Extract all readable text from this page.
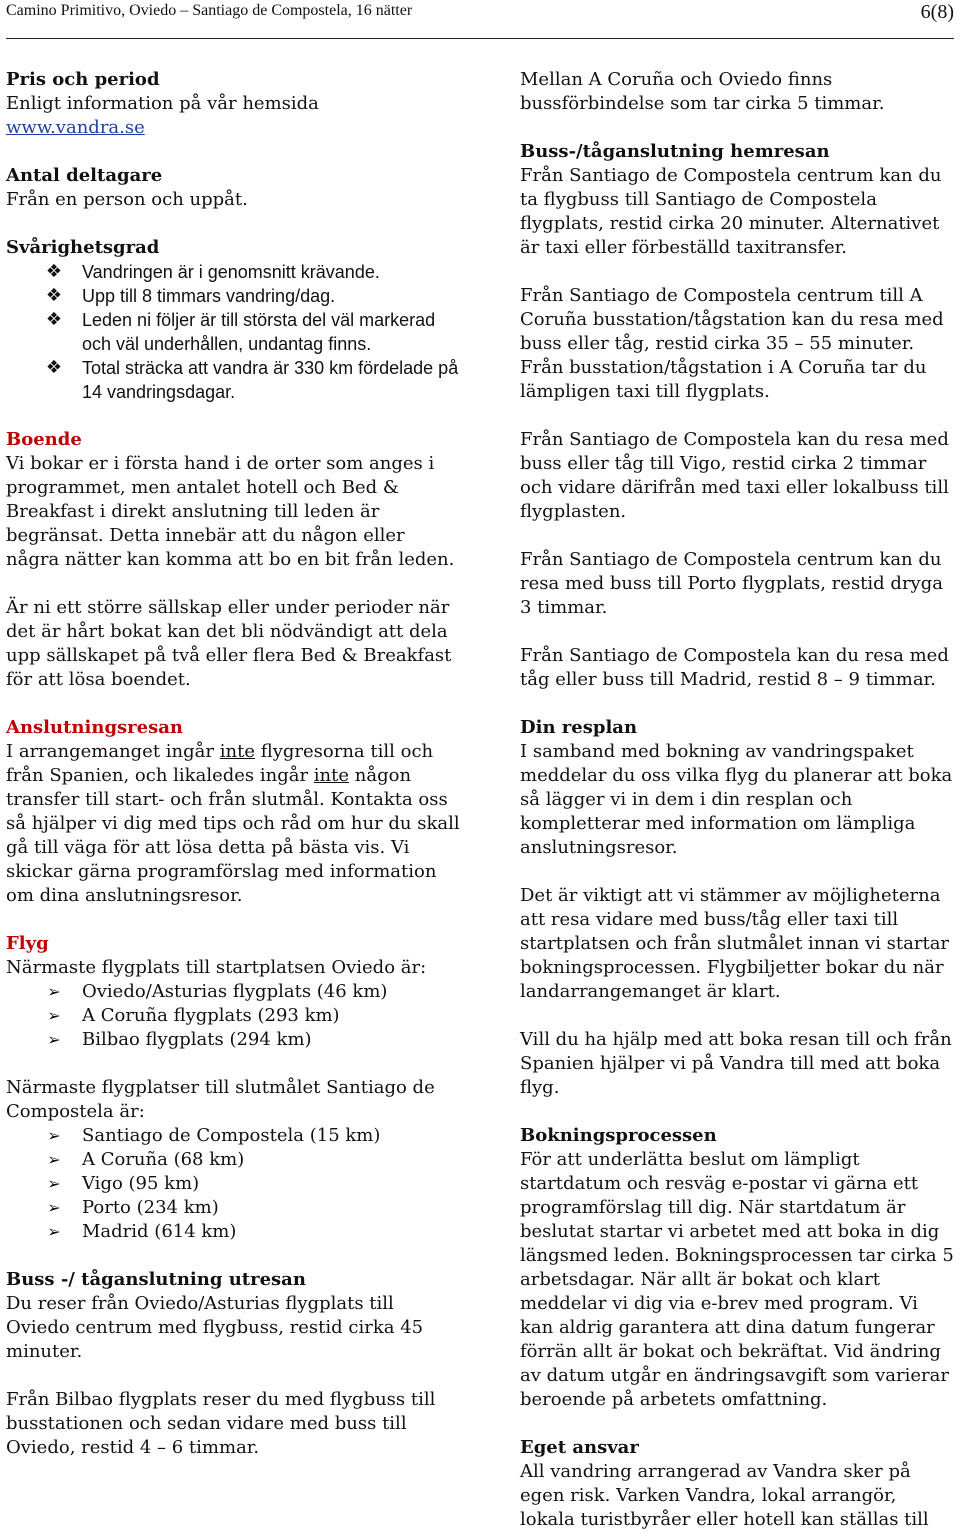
Camino Primitivo, Oviedo – Santiago de Compostela, 16 nätter	6(8)
Pris och period

Enligt information på vår hemsida

www.vandra.se
Antal deltagare

Från en person och uppåt.

Svårighetsgrad
❖ Vandringen är i genomsnitt krävande.
❖ Upp till 8 timmars vandring/dag.
❖ Leden ni följer är till största del väl markerad och väl underhållen, undantag finns.
❖ Total sträcka att vandra är 330 km fördelade på 14 vandringsdagar.
Boende

Vi bokar er i första hand i de orter som anges i programmet, men antalet hotell och Bed & Breakfast i direkt anslutning till leden är begränsat. Detta innebär att du någon eller några nätter kan komma att bo en bit från leden.

Är ni ett större sällskap eller under perioder när det är hårt bokat kan det bli nödvändigt att dela upp sällskapet på två eller flera Bed & Breakfast för att lösa boendet.

Anslutningsresan

I arrangemanget ingår inte flygresorna till och från Spanien, och likaledes ingår inte någon transfer till start- och från slutmål. Kontakta oss så hjälper vi dig med tips och råd om hur du skall gå till väga för att lösa detta på bästa vis. Vi skickar gärna programförslag med information om dina anslutningsresor.

Flyg

Närmaste flygplats till startplatsen Oviedo är:

➢ Oviedo/Asturias flygplats (46 km)
➢ A Coruña flygplats (293 km)
➢ Bilbao flygplats (294 km)

Närmaste flygplatser till slutmålet Santiago de Compostela är:

➢ Santiago de Compostela (15 km)
➢ A Coruña (68 km)
➢ Vigo (95 km)
➢ Porto (234 km)
➢ Madrid (614 km)
Buss -/ tåganslutning utresan

Du reser från Oviedo/Asturias flygplats till Oviedo centrum med flygbuss, restid cirka 45 minuter.

Från Bilbao flygplats reser du med flygbuss till busstationen och sedan vidare med buss till Oviedo, restid 4 – 6 timmar.

Mellan A Coruña och Oviedo finns bussförbindelse som tar cirka 5 timmar.

Buss-/tåganslutning hemresan

Från Santiago de Compostela centrum kan du ta flygbuss till Santiago de Compostela flygplats, restid cirka 20 minuter. Alternativet är taxi eller förbeställd taxitransfer.

Från Santiago de Compostela centrum till A Coruña busstation/tågstation kan du resa med buss eller tåg, restid cirka 35 – 55 minuter. Från busstation/tågstation i A Coruña tar du lämpligen taxi till flygplats.

Från Santiago de Compostela kan du resa med buss eller tåg till Vigo, restid cirka 2 timmar och vidare därifrån med taxi eller lokalbuss till flygplasten.

Från Santiago de Compostela centrum kan du resa med buss till Porto flygplats, restid dryga 3 timmar.

Från Santiago de Compostela kan du resa med tåg eller buss till Madrid, restid 8 – 9 timmar.

Din resplan

I samband med bokning av vandringspaket meddelar du oss vilka flyg du planerar att boka så lägger vi in dem i din resplan och kompletterar med information om lämpliga anslutningsresor.

Det är viktigt att vi stämmer av möjligheterna att resa vidare med buss/tåg eller taxi till startplatsen och från slutmålet innan vi startar bokningsprocessen. Flygbiljetter bokar du när landarrangemanget är klart.

Vill du ha hjälp med att boka resan till och från Spanien hjälper vi på Vandra till med att boka flyg.

Bokningsprocessen

För att underlätta beslut om lämpligt startdatum och resväg e-postar vi gärna ett programförslag till dig. När startdatum är beslutat startar vi arbetet med att boka in dig längsmed leden. Bokningsprocessen tar cirka 5 arbetsdagar. När allt är bokat och klart meddelar vi dig via e-brev med program. Vi kan aldrig garantera att dina datum fungerar förrän allt är bokat och bekräftat. Vid ändring av datum utgår en ändringsavgift som varierar beroende på arbetets omfattning.

Eget ansvar

All vandring arrangerad av Vandra sker på egen risk. Varken Vandra, lokal arrangör, lokala turistbyråer eller hotell kan ställas till
